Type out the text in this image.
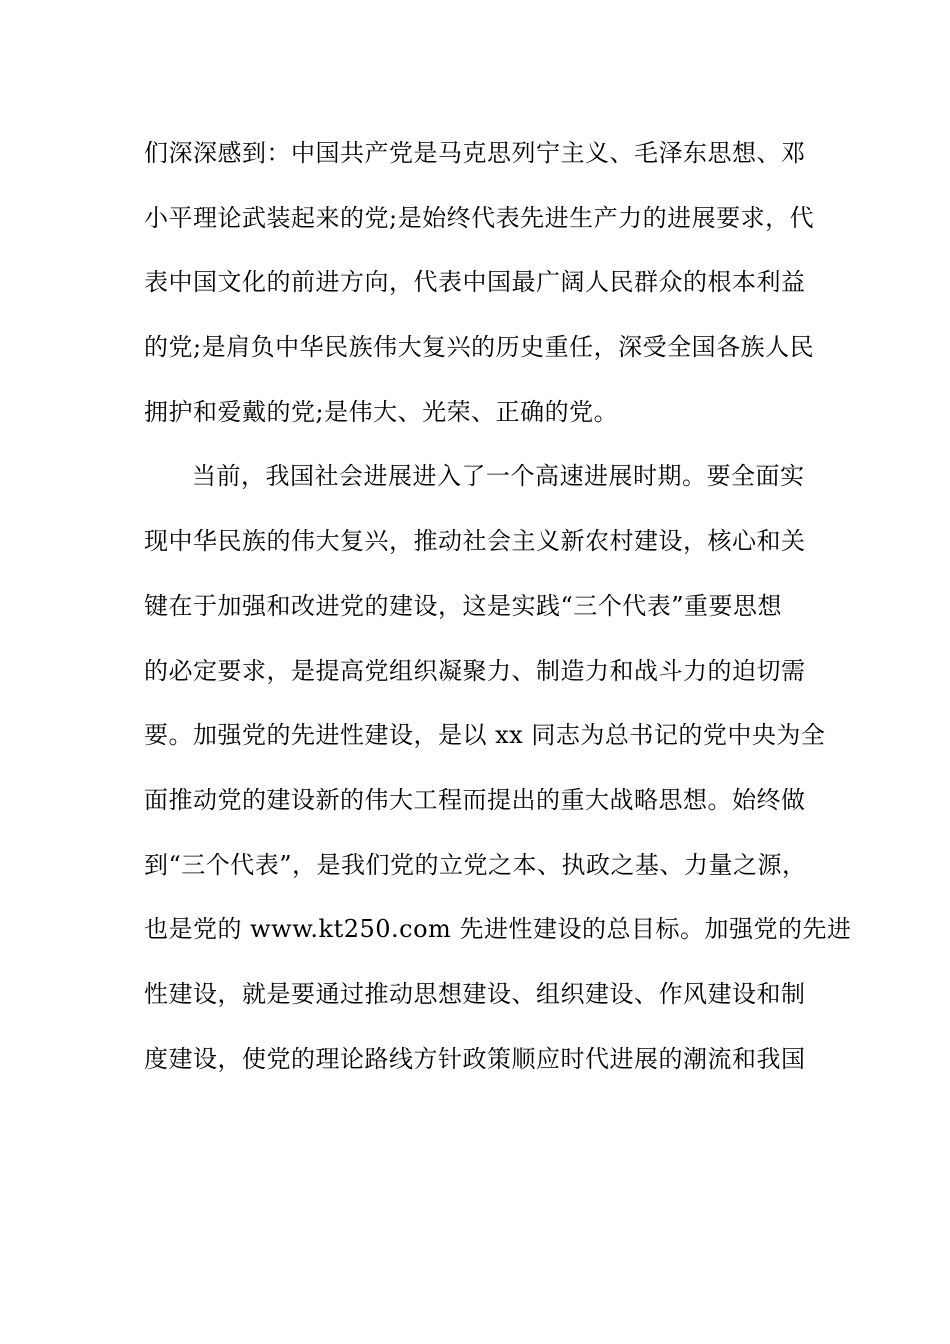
们深深感到：中国共产党是马克思列宁主义、毛泽东思想、邓
小平理论武装起来的党;是始终代表先进生产力的进展要求，代
表中国文化的前进方向，代表中国最广阔人民群众的根本利益
的党;是肩负中华民族伟大复兴的历史重任，深受全国各族人民
拥护和爱戴的党;是伟大、光荣、正确的党。
当前，我国社会进展进入了一个高速进展时期。要全面实
现中华民族的伟大复兴，推动社会主义新农村建设，核心和关
键在于加强和改进党的建设，这是实践“三个代表”重要思想
的必定要求，是提高党组织凝聚力、制造力和战斗力的迫切需
要。加强党的先进性建设，是以 xx 同志为总书记的党中央为全
面推动党的建设新的伟大工程而提出的重大战略思想。始终做
到“三个代表”，是我们党的立党之本、执政之基、力量之源，
也是党的 www.kt250.com 先进性建设的总目标。加强党的先进
性建设，就是要通过推动思想建设、组织建设、作风建设和制
度建设，使党的理论路线方针政策顺应时代进展的潮流和我国
